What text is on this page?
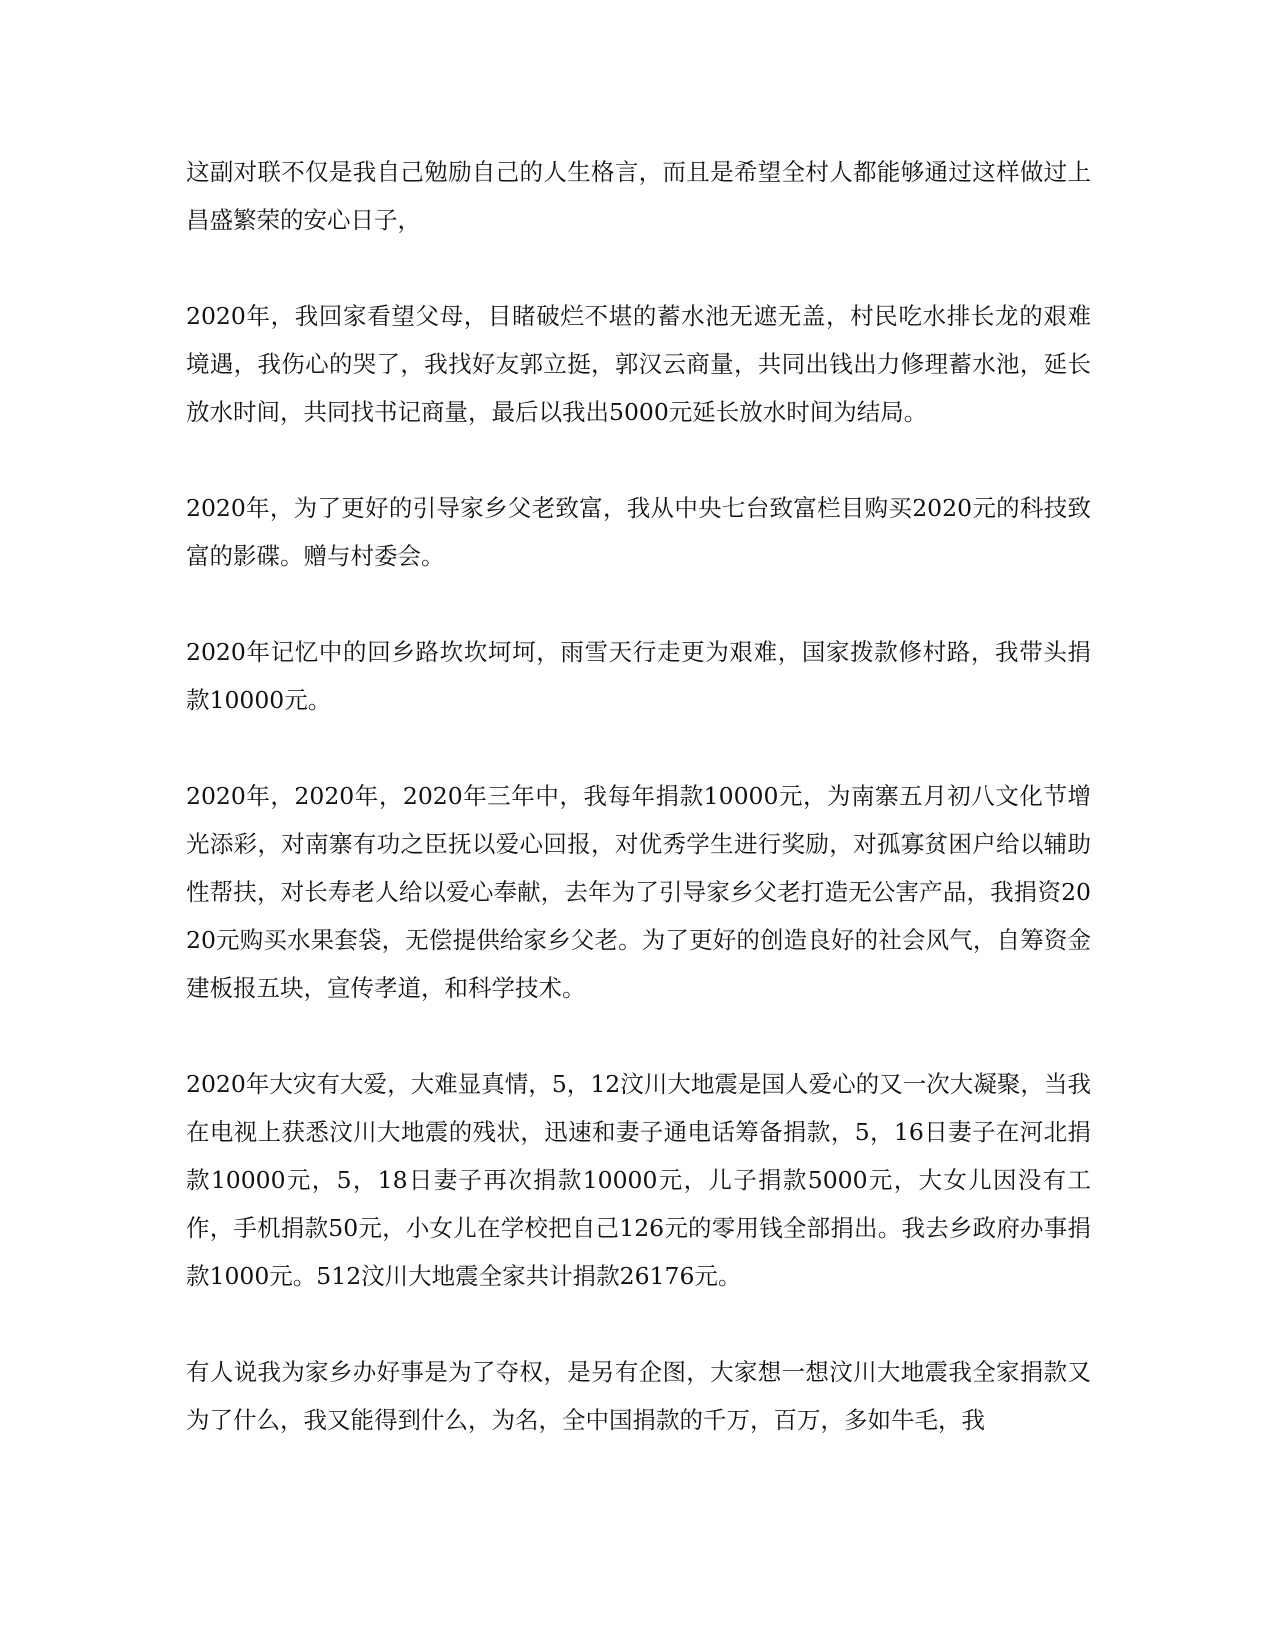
这副对联不仅是我自己勉励自己的人生格言，而且是希望全村人都能够通过这样做过上昌盛繁荣的安心日子，

2020年，我回家看望父母，目睹破烂不堪的蓄水池无遮无盖，村民吃水排长龙的艰难境遇，我伤心的哭了，我找好友郭立挺，郭汉云商量，共同出钱出力修理蓄水池，延长放水时间，共同找书记商量，最后以我出5000元延长放水时间为结局。

2020年，为了更好的引导家乡父老致富，我从中央七台致富栏目购买2020元的科技致富的影碟。赠与村委会。

2020年记忆中的回乡路坎坎坷坷，雨雪天行走更为艰难，国家拨款修村路，我带头捐款10000元。

2020年，2020年，2020年三年中，我每年捐款10000元，为南寨五月初八文化节增光添彩，对南寨有功之臣抚以爱心回报，对优秀学生进行奖励，对孤寡贫困户给以辅助性帮扶，对长寿老人给以爱心奉献，去年为了引导家乡父老打造无公害产品，我捐资2020元购买水果套袋，无偿提供给家乡父老。为了更好的创造良好的社会风气，自筹资金建板报五块，宣传孝道，和科学技术。

2020年大灾有大爱，大难显真情，5，12汶川大地震是国人爱心的又一次大凝聚，当我在电视上获悉汶川大地震的残状，迅速和妻子通电话筹备捐款，5，16日妻子在河北捐款10000元，5，18日妻子再次捐款10000元，儿子捐款5000元，大女儿因没有工作，手机捐款50元，小女儿在学校把自己126元的零用钱全部捐出。我去乡政府办事捐款1000元。512汶川大地震全家共计捐款26176元。

有人说我为家乡办好事是为了夺权，是另有企图，大家想一想汶川大地震我全家捐款又为了什么，我又能得到什么，为名，全中国捐款的千万，百万，多如牛毛，我
